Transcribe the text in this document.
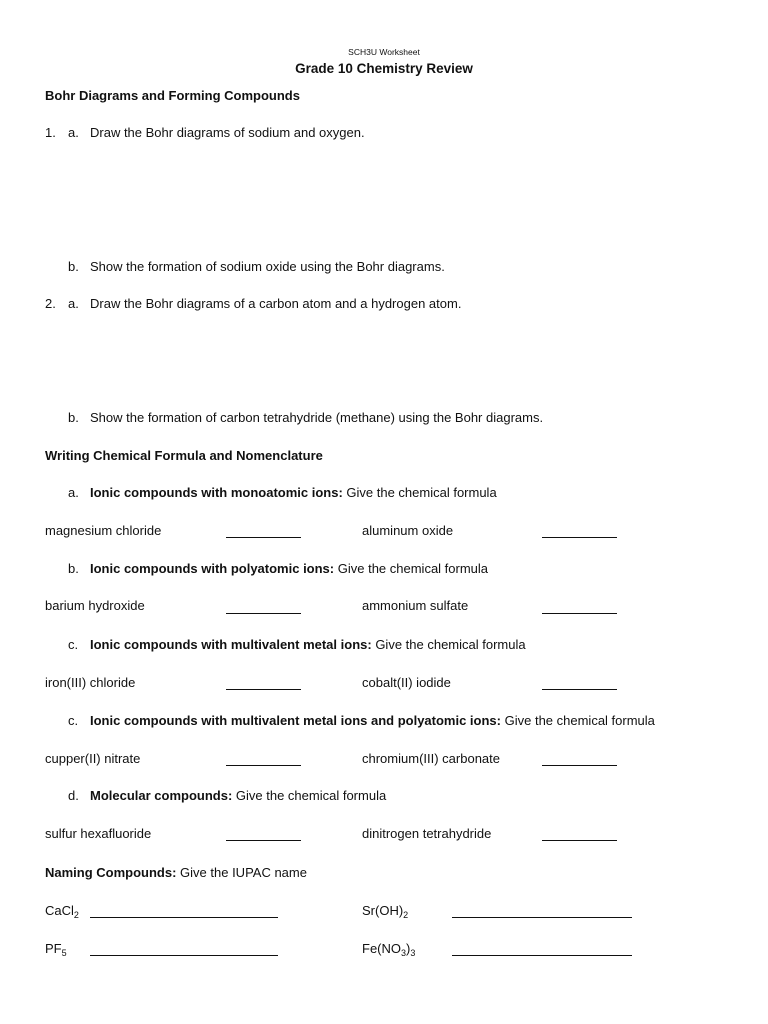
SCH3U Worksheet
Grade 10 Chemistry Review
Bohr Diagrams and Forming Compounds
1. a. Draw the Bohr diagrams of sodium and oxygen.
b. Show the formation of sodium oxide using the Bohr diagrams.
2. a. Draw the Bohr diagrams of a carbon atom and a hydrogen atom.
b. Show the formation of carbon tetrahydride (methane) using the Bohr diagrams.
Writing Chemical Formula and Nomenclature
a. Ionic compounds with monoatomic ions: Give the chemical formula
magnesium chloride	aluminum oxide
b. Ionic compounds with polyatomic ions: Give the chemical formula
barium hydroxide	ammonium sulfate
c. Ionic compounds with multivalent metal ions: Give the chemical formula
iron(III) chloride	cobalt(II) iodide
c. Ionic compounds with multivalent metal ions and polyatomic ions: Give the chemical formula
cupper(II) nitrate	chromium(III) carbonate
d. Molecular compounds: Give the chemical formula
sulfur hexafluoride	dinitrogen tetrahydride
Naming Compounds: Give the IUPAC name
CaCl$_2$	$Sr(OH)_2$
$PF_5$	$Fe(NO_3)_3$
